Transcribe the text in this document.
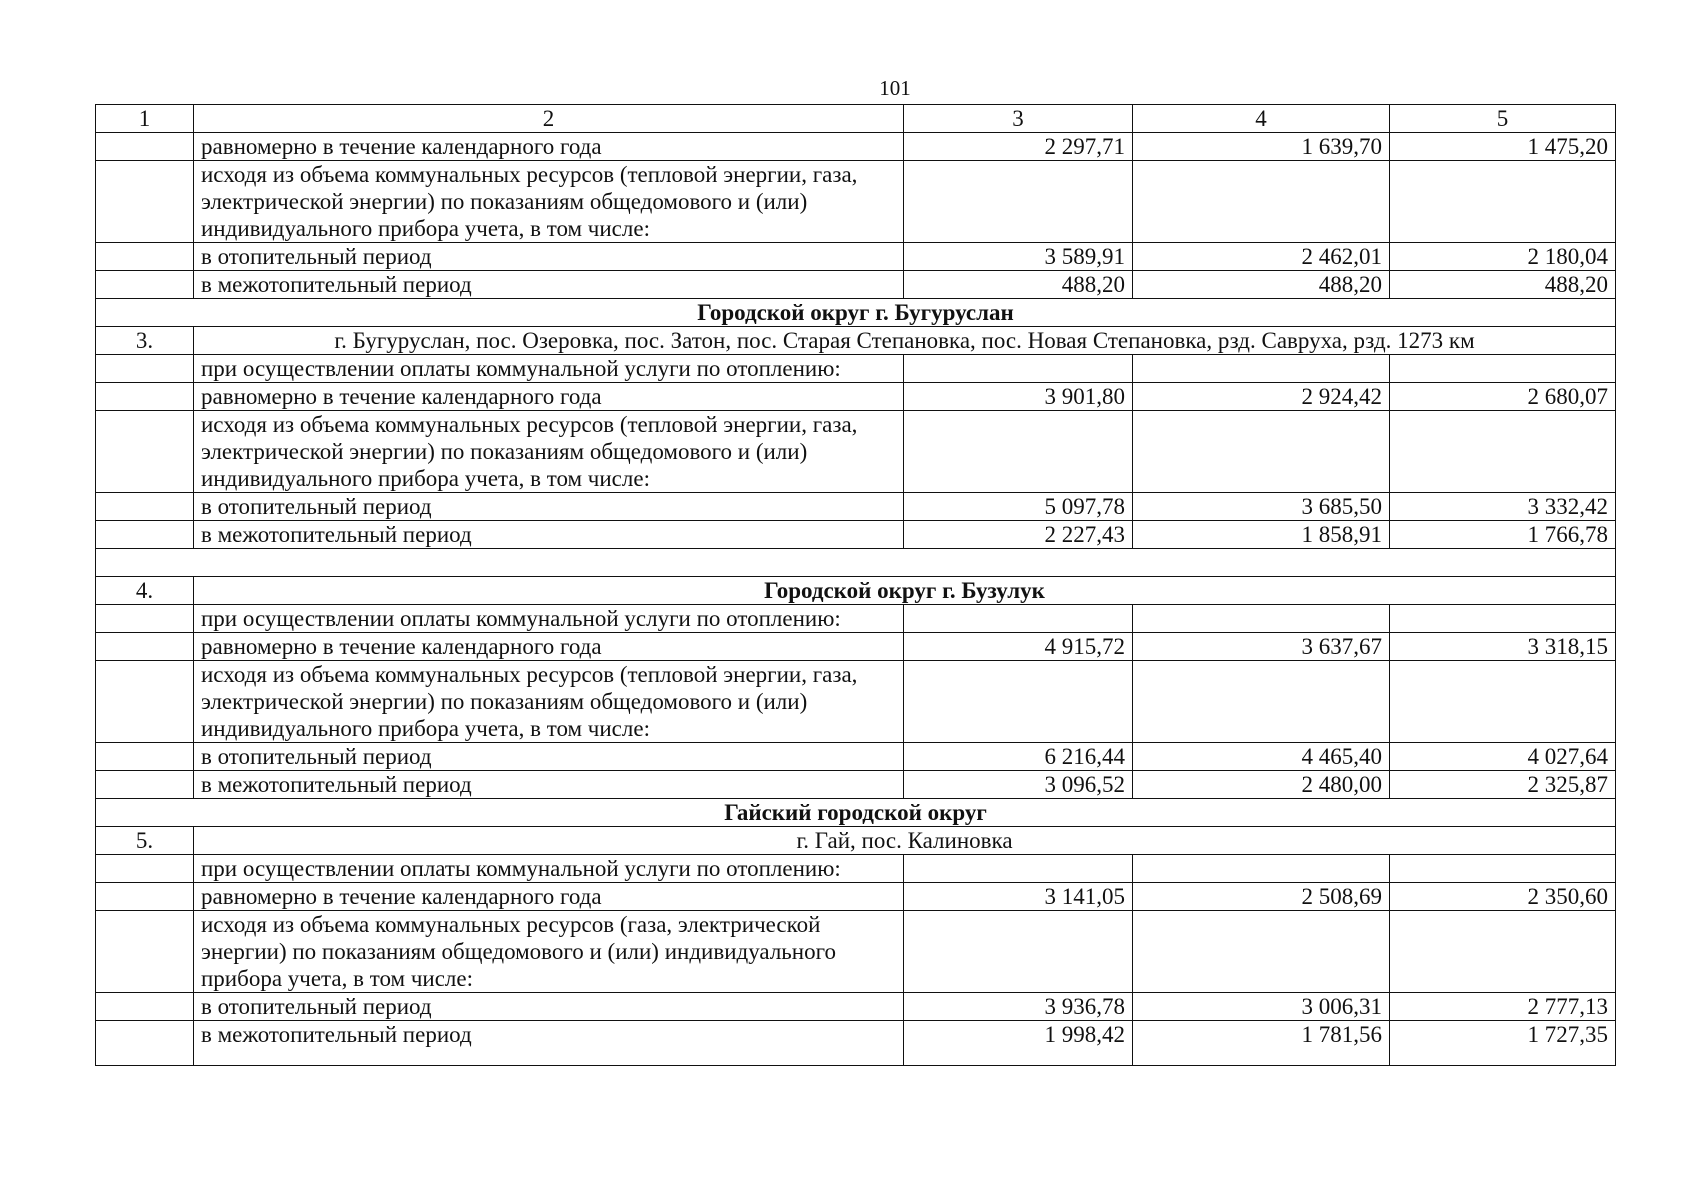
101
1	2	3	4	5
	равномерно в течение календарного года	2 297,71	1 639,70	1 475,20
	исходя из объема коммунальных ресурсов (тепловой энергии, газа, электрической энергии) по показаниям общедомового и (или) индивидуального прибора учета, в том числе:			
	в отопительный период	3 589,91	2 462,01	2 180,04
	в межотопительный период	488,20	488,20	488,20
Городской округ г. Бугуруслан				
3.	г. Бугуруслан, пос. Озеровка, пос. Затон, пос. Старая Степановка, пос. Новая Степановка, рзд. Савруха, рзд. 1273 км			
	при осуществлении оплаты коммунальной услуги по отоплению:			
	равномерно в течение календарного года	3 901,80	2 924,42	2 680,07
	исходя из объема коммунальных ресурсов (тепловой энергии, газа, электрической энергии) по показаниям общедомового и (или) индивидуального прибора учета, в том числе:			
	в отопительный период	5 097,78	3 685,50	3 332,42
	в межотопительный период	2 227,43	1 858,91	1 766,78

4.	Городской округ г. Бузулук			
	при осуществлении оплаты коммунальной услуги по отоплению:			
	равномерно в течение календарного года	4 915,72	3 637,67	3 318,15
	исходя из объема коммунальных ресурсов (тепловой энергии, газа, электрической энергии) по показаниям общедомового и (или) индивидуального прибора учета, в том числе:			
	в отопительный период	6 216,44	4 465,40	4 027,64
	в межотопительный период	3 096,52	2 480,00	2 325,87
Гайский городской округ				
5.	г. Гай, пос. Калиновка			
	при осуществлении оплаты коммунальной услуги по отоплению:			
	равномерно в течение календарного года	3 141,05	2 508,69	2 350,60
	исходя из объема коммунальных ресурсов (газа, электрической энергии) по показаниям общедомового и (или) индивидуального прибора учета, в том числе:			
	в отопительный период	3 936,78	3 006,31	2 777,13
	в межотопительный период	1 998,42	1 781,56	1 727,35
